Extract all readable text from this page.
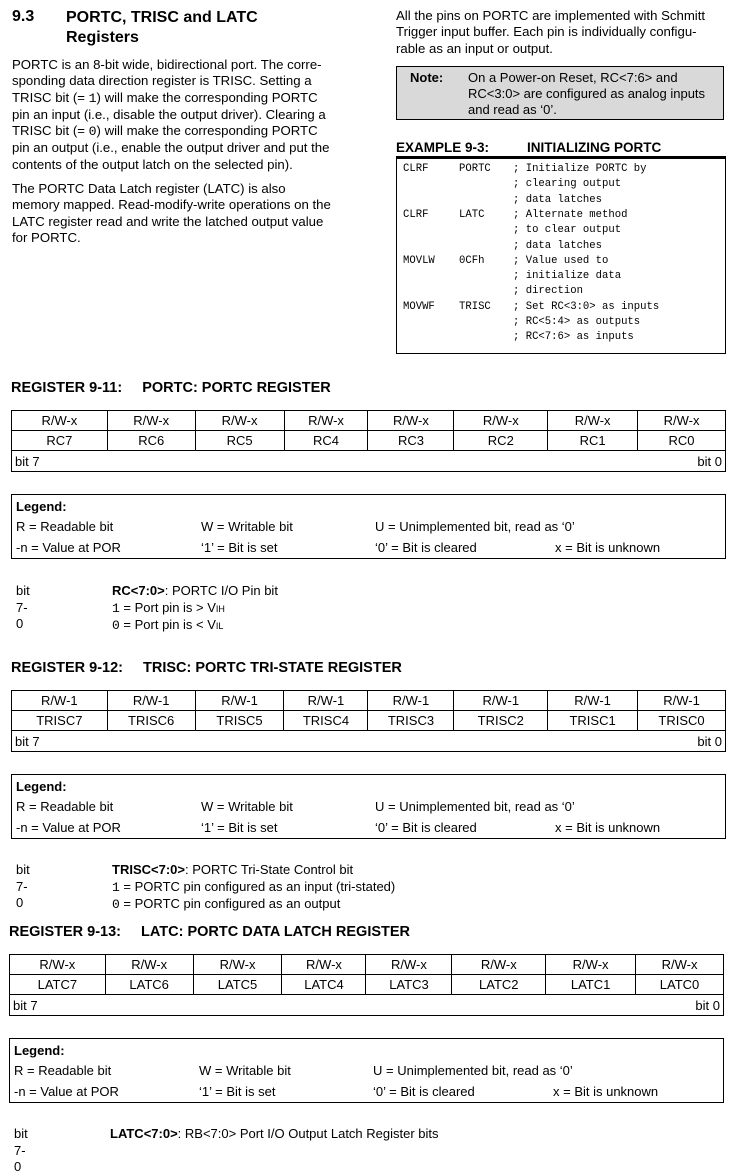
9.3 PORTC, TRISC and LATC
Registers
PORTC is an 8-bit wide, bidirectional port. The corre-
sponding data direction register is TRISC. Setting a
TRISC bit (= 1) will make the corresponding PORTC
pin an input (i.e., disable the output driver). Clearing a
TRISC bit (= 0) will make the corresponding PORTC
pin an output (i.e., enable the output driver and put the
contents of the output latch on the selected pin).
The PORTC Data Latch register (LATC) is also
memory mapped. Read-modify-write operations on the
LATC register read and write the latched output value
for PORTC.
All the pins on PORTC are implemented with Schmitt
Trigger input buffer. Each pin is individually configu-
rable as an input or output.
Note: On a Power-on Reset, RC<7:6> and
RC<3:0> are configured as analog inputs
and read as ‘0’.
EXAMPLE 9-3:	INITIALIZING PORTC
CLRF	PORTC ; Initialize PORTC by
; clearing output
; data latches
CLRF	LATC	; Alternate method
; to clear output
; data latches
MOVLW 0CFh	; Value used to
; initialize data
; direction
MOVWF TRISC ; Set RC<3:0> as inputs
; RC<5:4> as outputs
; RC<7:6> as inputs
REGISTER 9-11: PORTC: PORTC REGISTER
R/W-x	R/W-x	R/W-x	R/W-x	R/W-x	R/W-x	R/W-x	R/W-x
RC7	RC6	RC5	RC4	RC3	RC2	RC1	RC0
bit 7 bit 0							
Legend:
R = Readable bit	W = Writable bit	U = Unimplemented bit, read as ‘0’
-n = Value at POR	‘1’ = Bit is set	‘0’ = Bit is cleared	x = Bit is unknown
bit 7-0
RC<7:0>: PORTC I/O Pin bit
1 = Port pin is > VIH
0 = Port pin is < VIL
REGISTER 9-12: TRISC: PORTC TRI-STATE REGISTER
R/W-1	R/W-1	R/W-1	R/W-1	R/W-1	R/W-1	R/W-1	R/W-1
TRISC7	TRISC6	TRISC5	TRISC4	TRISC3	TRISC2	TRISC1	TRISC0
bit 7 bit 0							
Legend:
R = Readable bit	W = Writable bit	U = Unimplemented bit, read as ‘0’
-n = Value at POR	‘1’ = Bit is set	‘0’ = Bit is cleared	x = Bit is unknown
bit 7-0
TRISC<7:0>: PORTC Tri-State Control bit
1 = PORTC pin configured as an input (tri-stated)
0 = PORTC pin configured as an output
REGISTER 9-13: LATC: PORTC DATA LATCH REGISTER
R/W-x	R/W-x	R/W-x	R/W-x	R/W-x	R/W-x	R/W-x	R/W-x
LATC7	LATC6	LATC5	LATC4	LATC3	LATC2	LATC1	LATC0
bit 7 bit 0							
Legend:
R = Readable bit	W = Writable bit	U = Unimplemented bit, read as ‘0’
-n = Value at POR	‘1’ = Bit is set	‘0’ = Bit is cleared	x = Bit is unknown
bit 7-0
LATC<7:0>: RB<7:0> Port I/O Output Latch Register bits
